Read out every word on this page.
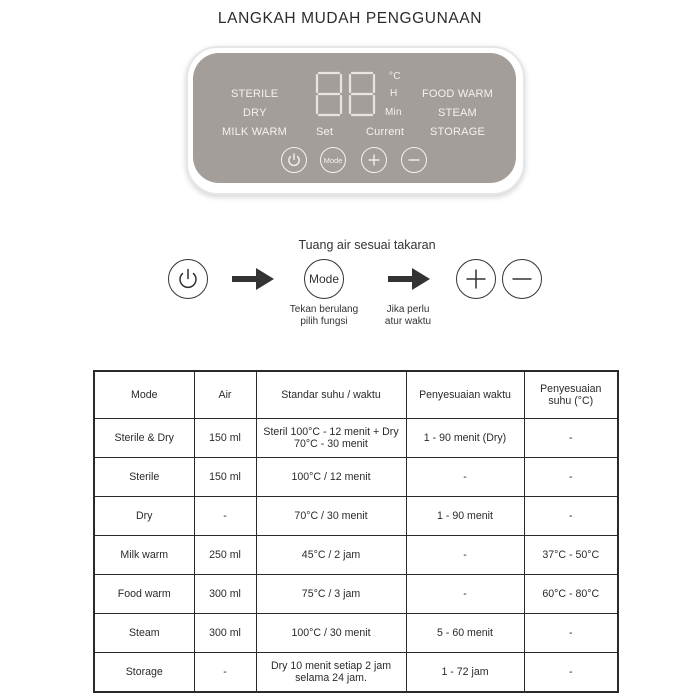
LANGKAH MUDAH PENGGUNAAN
STERILE
DRY
MILK WARM
FOOD WARM
STEAM
STORAGE
°C
H
Min
Set	Current
Mode
Tuang air sesuai takaran
Mode
Tekan berulang
pilih fungsi
Jika perlu
atur waktu
Mode	Air	Standar suhu / waktu	Penyesuaian waktu	Penyesuaian suhu (°C)
Sterile & Dry	150 ml	Steril 100°C - 12 menit + Dry 70°C - 30 menit	1 - 90 menit (Dry)	-
Sterile	150 ml	100°C / 12 menit	-	-
Dry	-	70°C / 30 menit	1 - 90 menit	-
Milk warm	250 ml	45°C / 2 jam	-	37°C - 50°C
Food warm	300 ml	75°C / 3 jam	-	60°C - 80°C
Steam	300 ml	100°C / 30 menit	5 - 60 menit	-
Storage	-	Dry 10 menit setiap 2 jam selama 24 jam.	1 - 72 jam	-
